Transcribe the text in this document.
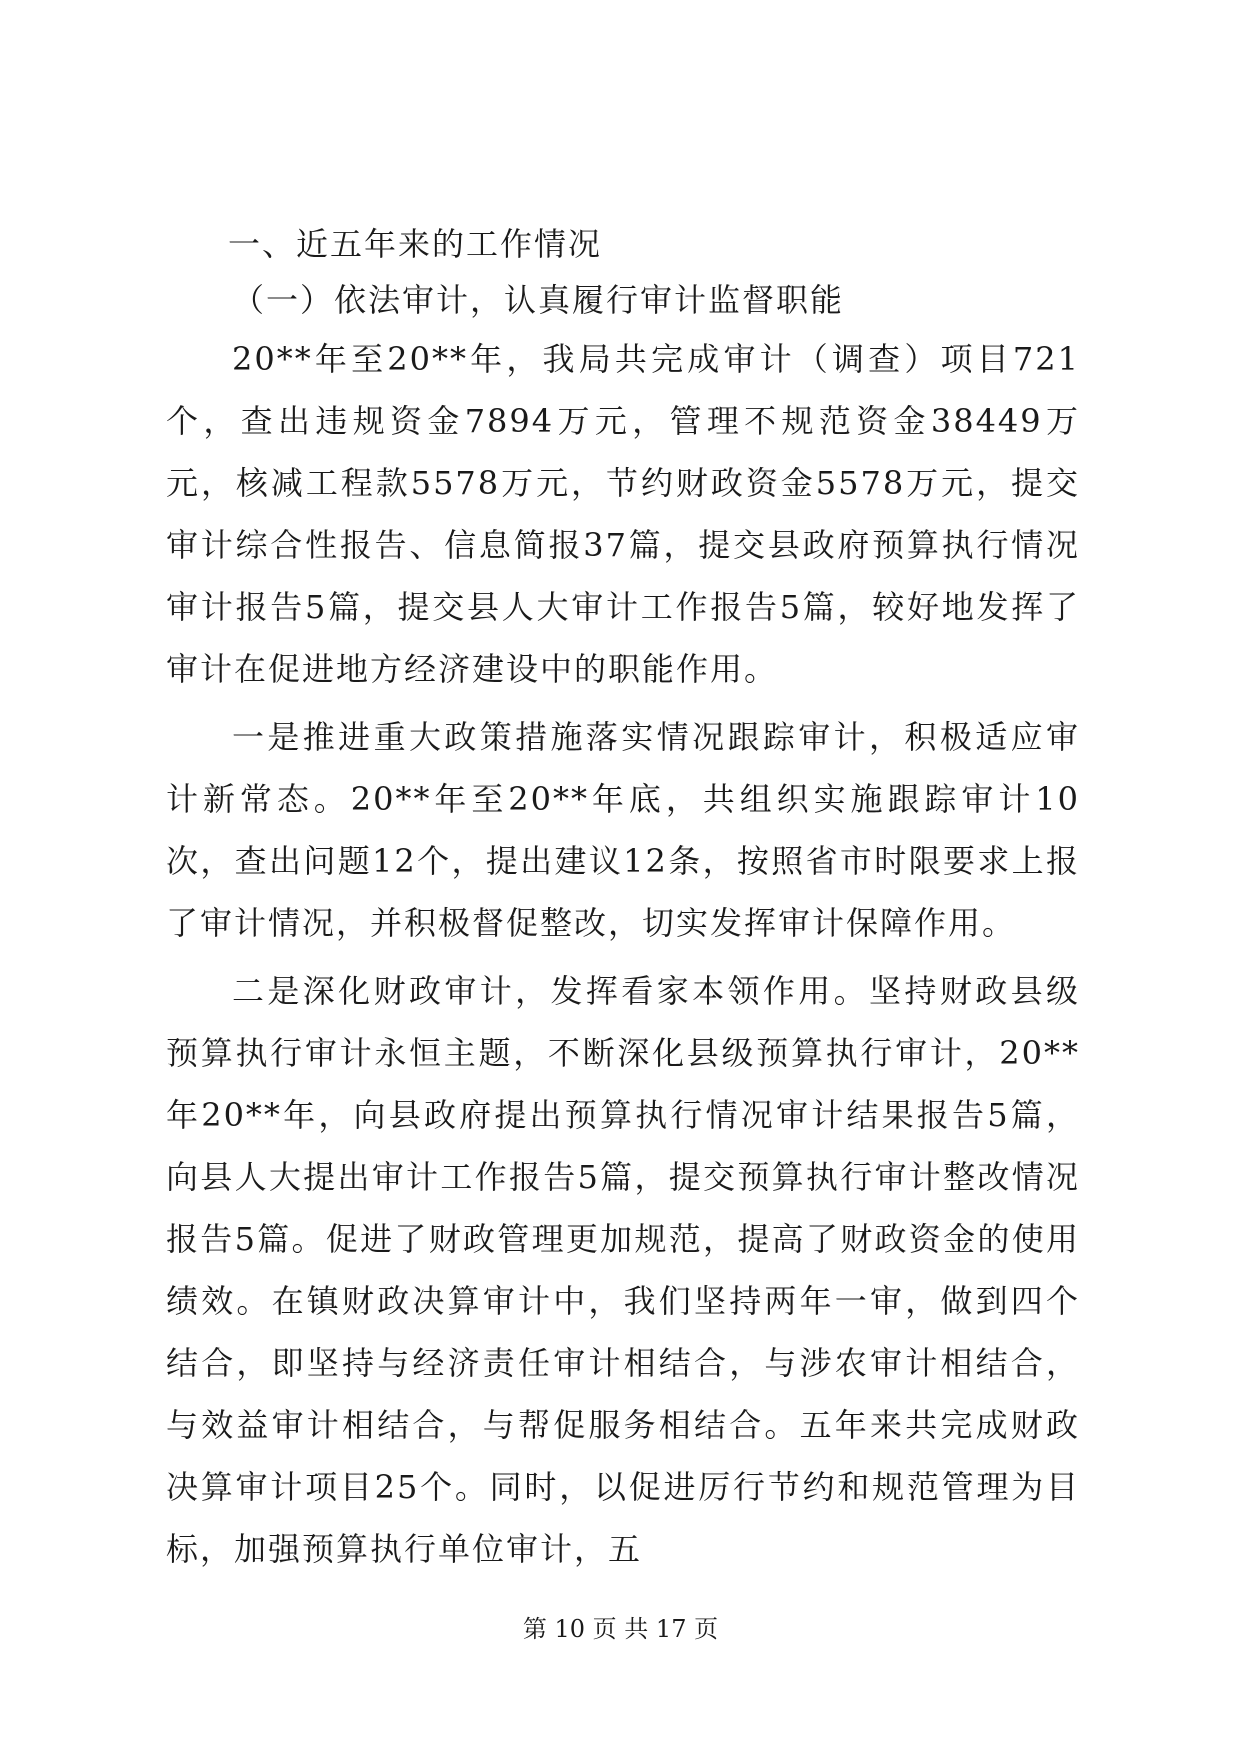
一、近五年来的工作情况

（一）依法审计，认真履行审计监督职能

20**年至20**年，我局共完成审计（调查）项目721个，查出违规资金7894万元，管理不规范资金38449万元，核减工程款5578万元，节约财政资金5578万元，提交审计综合性报告、信息简报37篇，提交县政府预算执行情况审计报告5篇，提交县人大审计工作报告5篇，较好地发挥了审计在促进地方经济建设中的职能作用。

一是推进重大政策措施落实情况跟踪审计，积极适应审计新常态。20**年至20**年底，共组织实施跟踪审计10次，查出问题12个，提出建议12条，按照省市时限要求上报了审计情况，并积极督促整改，切实发挥审计保障作用。

二是深化财政审计，发挥看家本领作用。坚持财政县级预算执行审计永恒主题，不断深化县级预算执行审计，20**年20**年，向县政府提出预算执行情况审计结果报告5篇，向县人大提出审计工作报告5篇，提交预算执行审计整改情况报告5篇。促进了财政管理更加规范，提高了财政资金的使用绩效。在镇财政决算审计中，我们坚持两年一审，做到四个结合，即坚持与经济责任审计相结合，与涉农审计相结合，与效益审计相结合，与帮促服务相结合。五年来共完成财政决算审计项目25个。同时，以促进厉行节约和规范管理为目标，加强预算执行单位审计，五

第 10 页 共 17 页
